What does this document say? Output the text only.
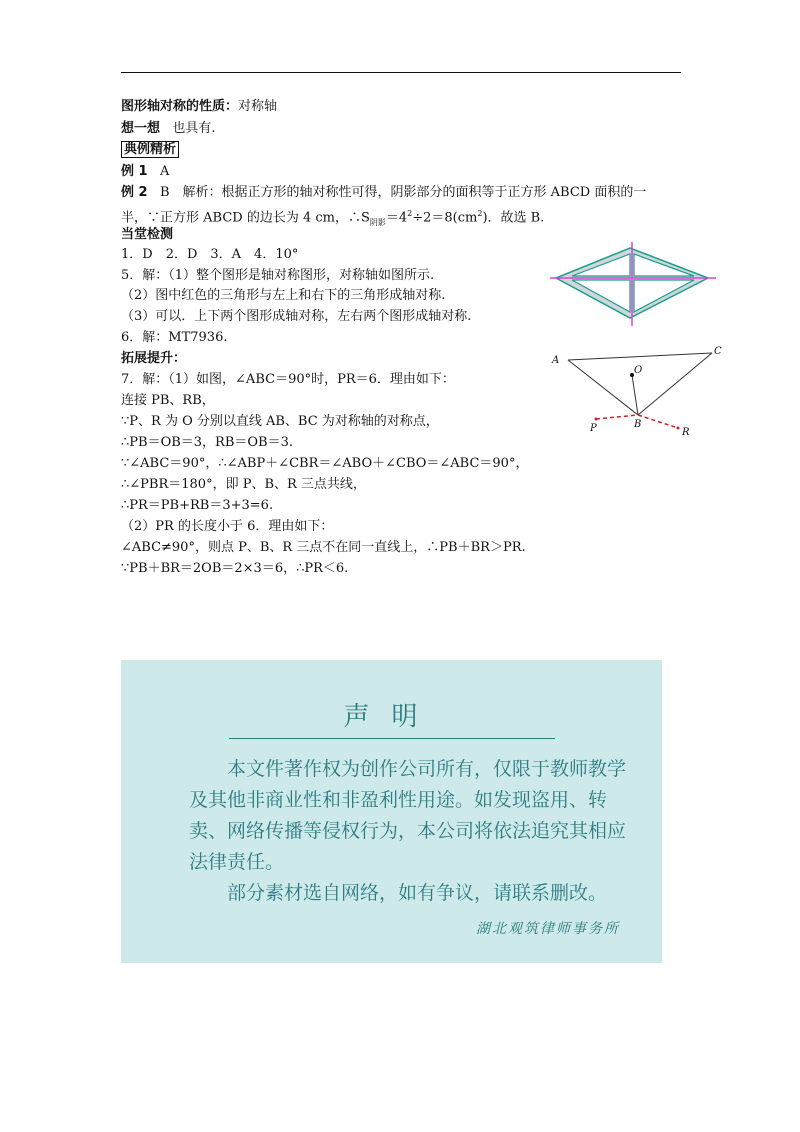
图形轴对称的性质：对称轴
想一想 也具有.
典例精析
例 1 A
例 2 B　解析：根据正方形的轴对称性可得，阴影部分的面积等于正方形 ABCD 面积的一
半，∵正方形 ABCD 的边长为 4 cm，$\therefore S_{阴影}=4^2\div 2=8(cm^2)$．故选 B.
当堂检测
1．D　2．D　3．A　4．10°
5．解：（1）整个图形是轴对称图形，对称轴如图所示.
（2）图中红色的三角形与左上和右下的三角形成轴对称.
（3）可以．上下两个图形成轴对称，左右两个图形成轴对称.
6．解：MT7936.
拓展提升：
7．解：（1）如图，∠ABC＝90°时，PR＝6．理由如下：
连接 PB、RB，
∵P、R 为 O 分别以直线 AB、BC 为对称轴的对称点，
∴PB＝OB＝3，RB＝OB＝3.
∵∠ABC＝90°，∴∠ABP＋∠CBR＝∠ABO＋∠CBO＝∠ABC＝90°，
∴∠PBR＝180°，即 P、B、R 三点共线，
∴PR＝PB+RB＝3+3=6.
（2）PR 的长度小于 6．理由如下：
∠ABC≠90°，则点 P、B、R 三点不在同一直线上，∴PB＋BR＞PR.
∵PB＋BR＝2OB＝2×3＝6，∴PR＜6.
A
C
O
B
P	R
声明

本文件著作权为创作公司所有，仅限于教师教学及其他非商业性和非盈利性用途。如发现盗用、转卖、网络传播等侵权行为，本公司将依法追究其相应法律责任。

部分素材选自网络，如有争议，请联系删改。

湖北观筑律师事务所
